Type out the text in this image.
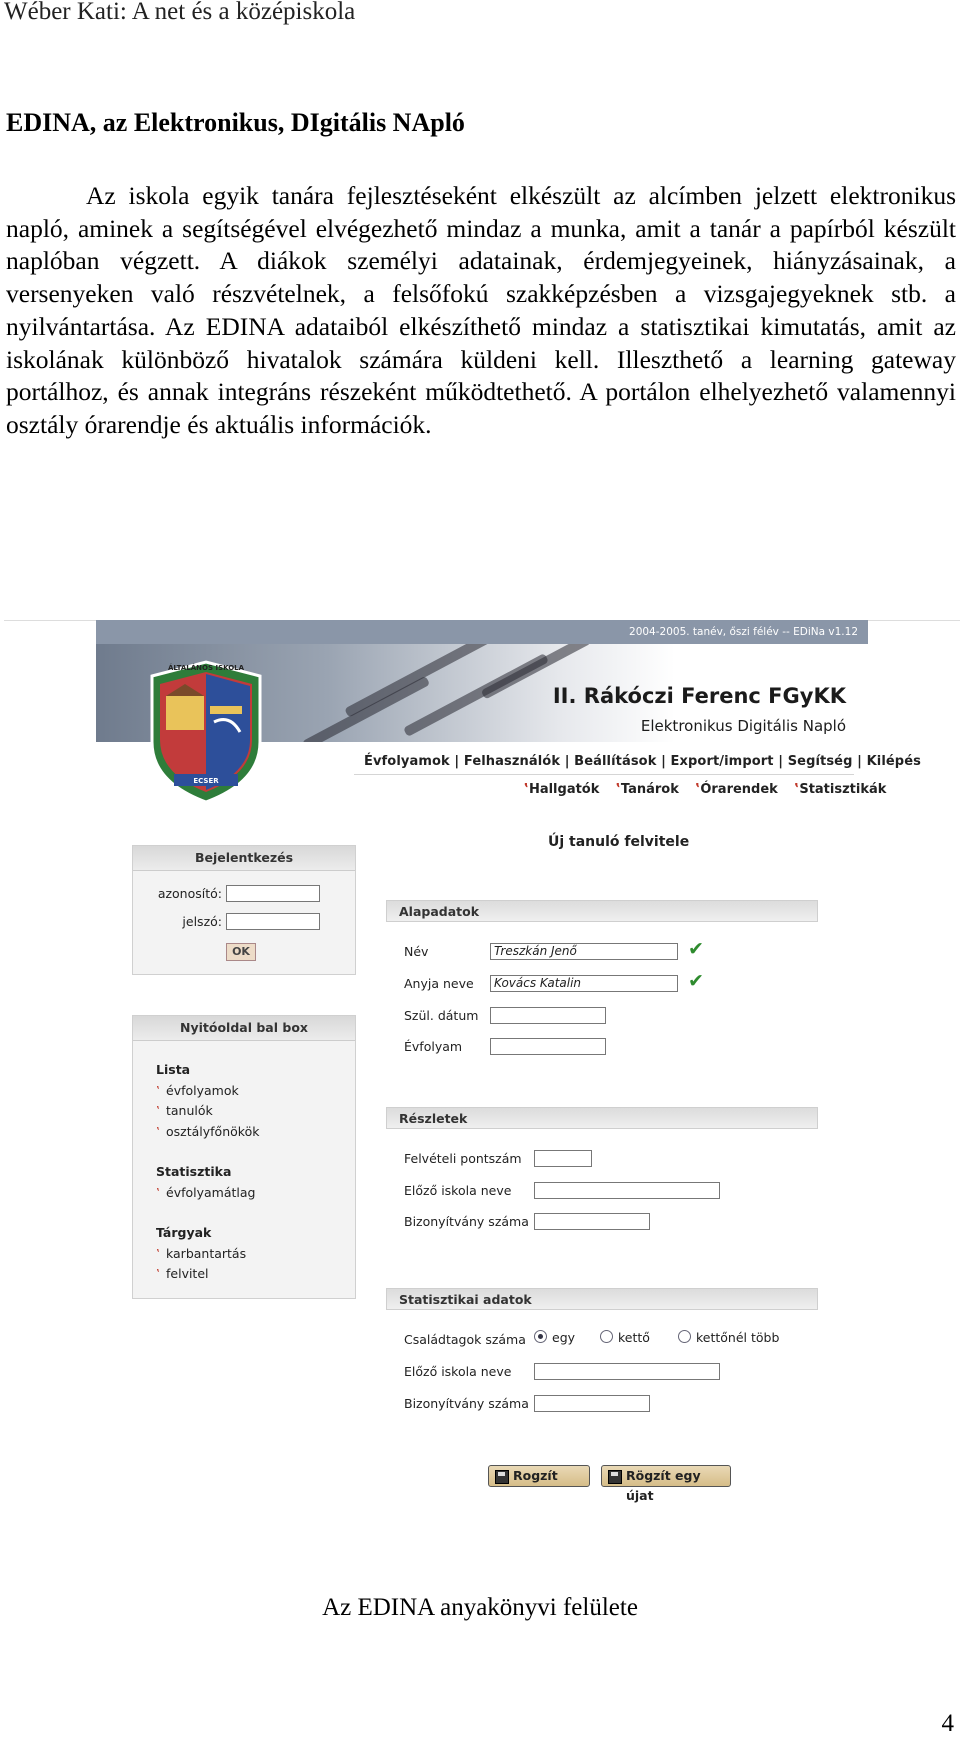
Wéber Kati: A net és a középiskola
EDINA, az Elektronikus, DIgitális NApló

Az iskola egyik tanára fejlesztéseként elkészült az alcímben jelzett elektronikus napló, aminek a segítségével elvégezhető mindaz a munka, amit a tanár a papírból készült naplóban végzett. A diákok személyi adatainak, érdemjegyeinek, hiányzásainak, a versenyeken való részvételnek, a felsőfokú szakképzésben a vizsgajegyeknek stb. a nyilvántartása. Az EDINA adataiból elkészíthető mindaz a statisztikai kimutatás, amit az iskolának különböző hivatalok számára küldeni kell. Illeszthető a learning gateway portálhoz, és annak integráns részeként működtethető. A portálon elhelyezhető valamennyi osztály órarendje és aktuális információk.

2004-2005. tanév, őszi félév -- EDiNa v1.12
II. Rákóczi Ferenc FGyKK
Elektronikus Digitális Napló
ÁLTALÁNOS ISKOLA
ECSER
Évfolyamok | Felhasználók | Beállítások | Export/import | Segítség | Kilépés
‛ Hallgatók ‛ Tanárok ‛ Órarendek ‛ Statisztikák
Bejelentkezés
azonosító:
jelszó:
OK
Nyitóoldal bal box
Lista
‛ évfolyamok
‛ tanulók
‛ osztályfőnökök
Statisztika
‛ évfolyamátlag
Tárgyak
‛ karbantartás
‛ felvitel
Új tanuló felvitele
Alapadatok
Név	Treszkán Jenő	✔
Anyja neve	Kovács Katalin	✔
Szül. dátum
Évfolyam
Részletek
Felvételi pontszám
Előző iskola neve
Bizonyítvány száma
Statisztikai adatok
Családtagok száma	egy	kettő	kettőnél több
Előző iskola neve
Bizonyítvány száma
Rogzít	Rögzít egy újat
Az EDINA anyakönyvi felülete
4
